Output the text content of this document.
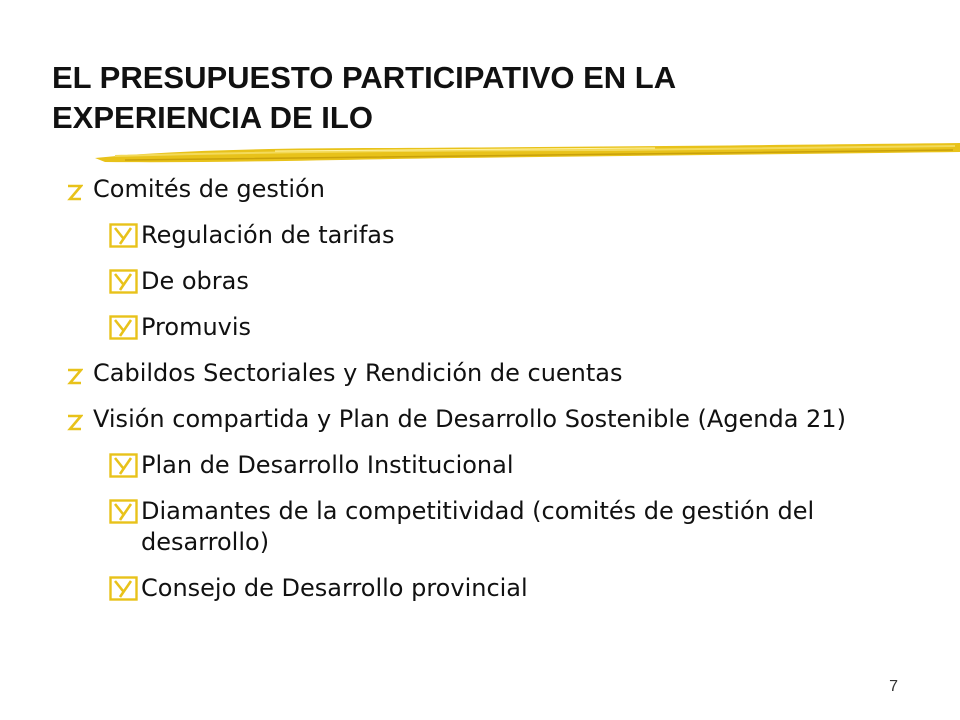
EL PRESUPUESTO PARTICIPATIVO EN LA
EXPERIENCIA DE ILO
Comités de gestión
Regulación de tarifas
De obras
Promuvis
Cabildos Sectoriales y Rendición de cuentas
Visión compartida y Plan de Desarrollo Sostenible (Agenda 21)
Plan de Desarrollo Institucional
Diamantes de la competitividad (comités de gestión del desarrollo)
Consejo de Desarrollo provincial
7
